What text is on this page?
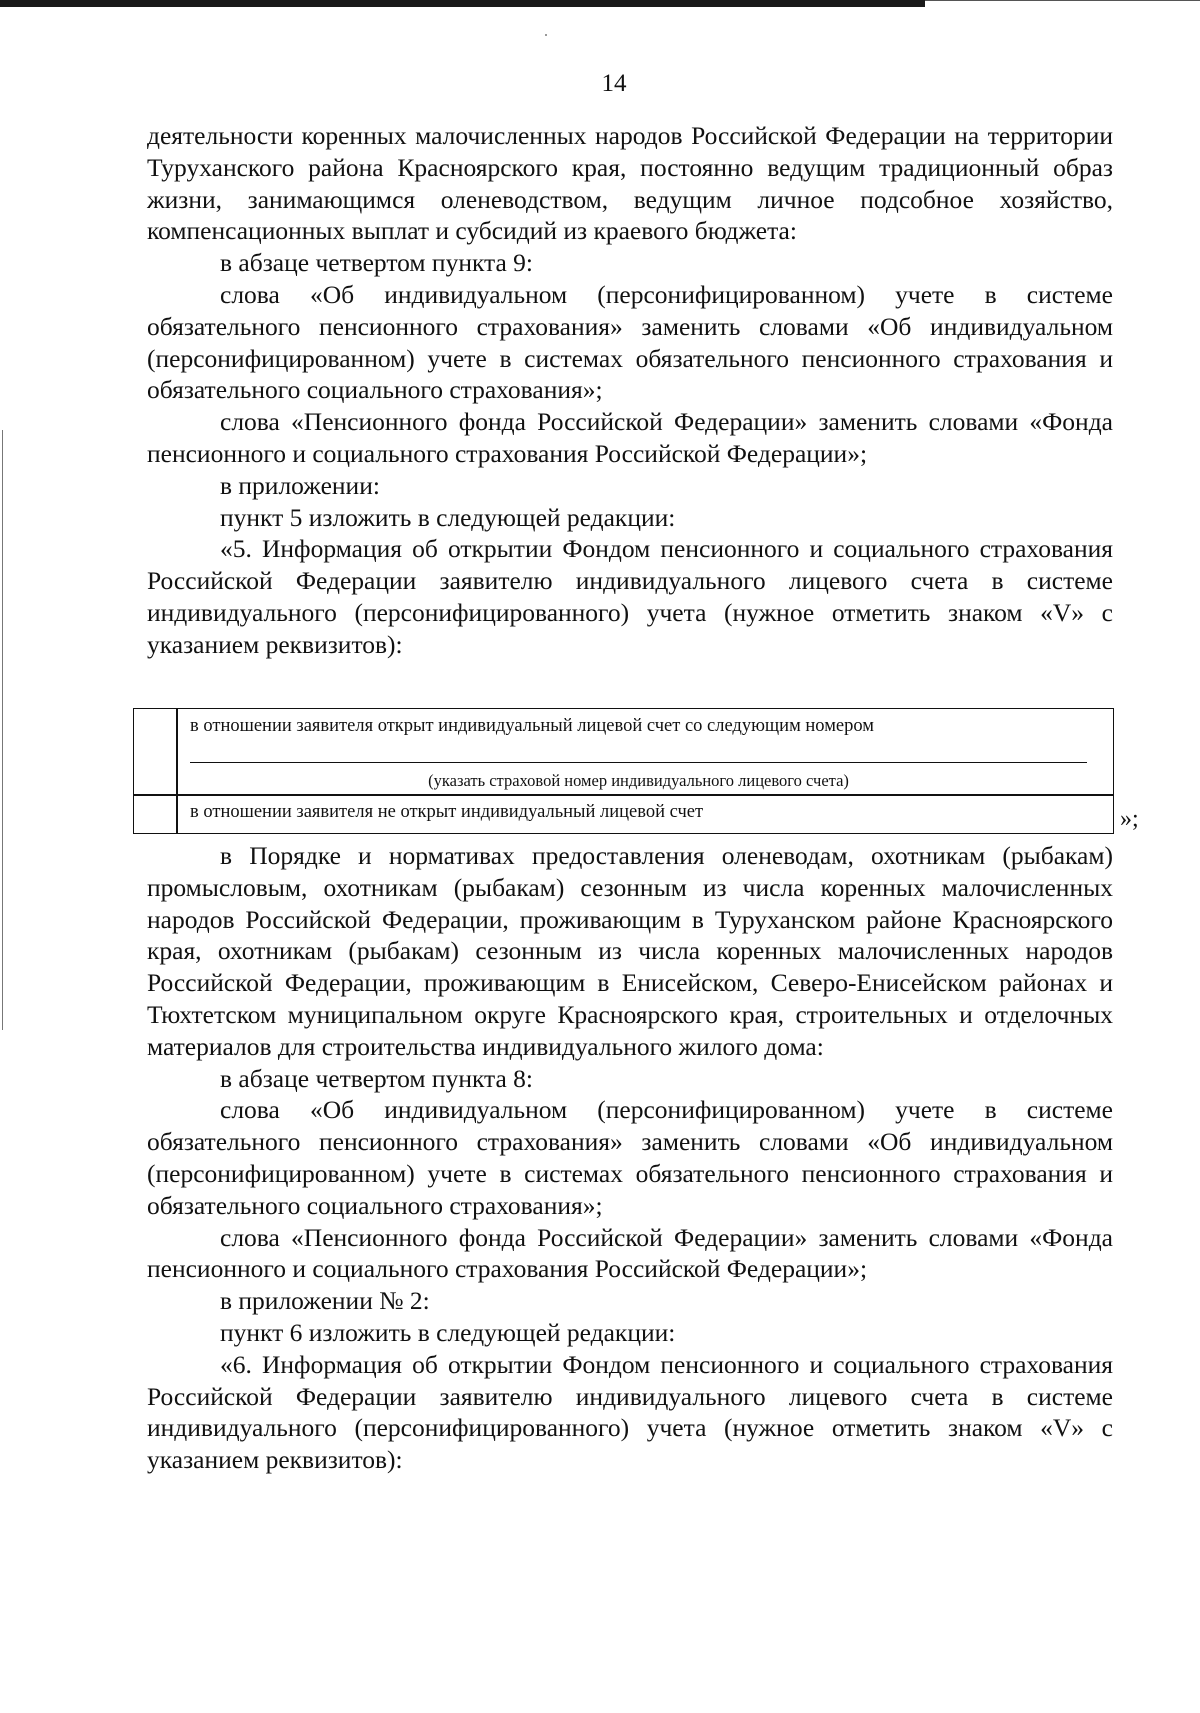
14
деятельности коренных малочисленных народов Российской Федерации на территории Туруханского района Красноярского края, постоянно ведущим традиционный образ жизни, занимающимся оленеводством, ведущим личное подсобное хозяйство, компенсационных выплат и субсидий из краевого бюджета:
в абзаце четвертом пункта 9:
слова «Об индивидуальном (персонифицированном) учете в системе обязательного пенсионного страхования» заменить словами «Об индивидуальном (персонифицированном) учете в системах обязательного пенсионного страхования и обязательного социального страхования»;
слова «Пенсионного фонда Российской Федерации» заменить словами «Фонда пенсионного и социального страхования Российской Федерации»;
в приложении:
пункт 5 изложить в следующей редакции:
«5. Информация об открытии Фондом пенсионного и социального страхования Российской Федерации заявителю индивидуального лицевого счета в системе индивидуального (персонифицированного) учета (нужное отметить знаком «V» с указанием реквизитов):
в отношении заявителя открыт индивидуальный лицевой счет со следующим номером
(указать страховой номер индивидуального лицевого счета)
в отношении заявителя не открыт индивидуальный лицевой счет	»;
в Порядке и нормативах предоставления оленеводам, охотникам (рыбакам) промысловым, охотникам (рыбакам) сезонным из числа коренных малочисленных народов Российской Федерации, проживающим в Туруханском районе Красноярского края, охотникам (рыбакам) сезонным из числа коренных малочисленных народов Российской Федерации, проживающим в Енисейском, Северо-Енисейском районах и Тюхтетском муниципальном округе Красноярского края, строительных и отделочных материалов для строительства индивидуального жилого дома:
в абзаце четвертом пункта 8:
слова «Об индивидуальном (персонифицированном) учете в системе обязательного пенсионного страхования» заменить словами «Об индивидуальном (персонифицированном) учете в системах обязательного пенсионного страхования и обязательного социального страхования»;
слова «Пенсионного фонда Российской Федерации» заменить словами «Фонда пенсионного и социального страхования Российской Федерации»;
в приложении № 2:
пункт 6 изложить в следующей редакции:
«6. Информация об открытии Фондом пенсионного и социального страхования Российской Федерации заявителю индивидуального лицевого счета в системе индивидуального (персонифицированного) учета (нужное отметить знаком «V» с указанием реквизитов):
